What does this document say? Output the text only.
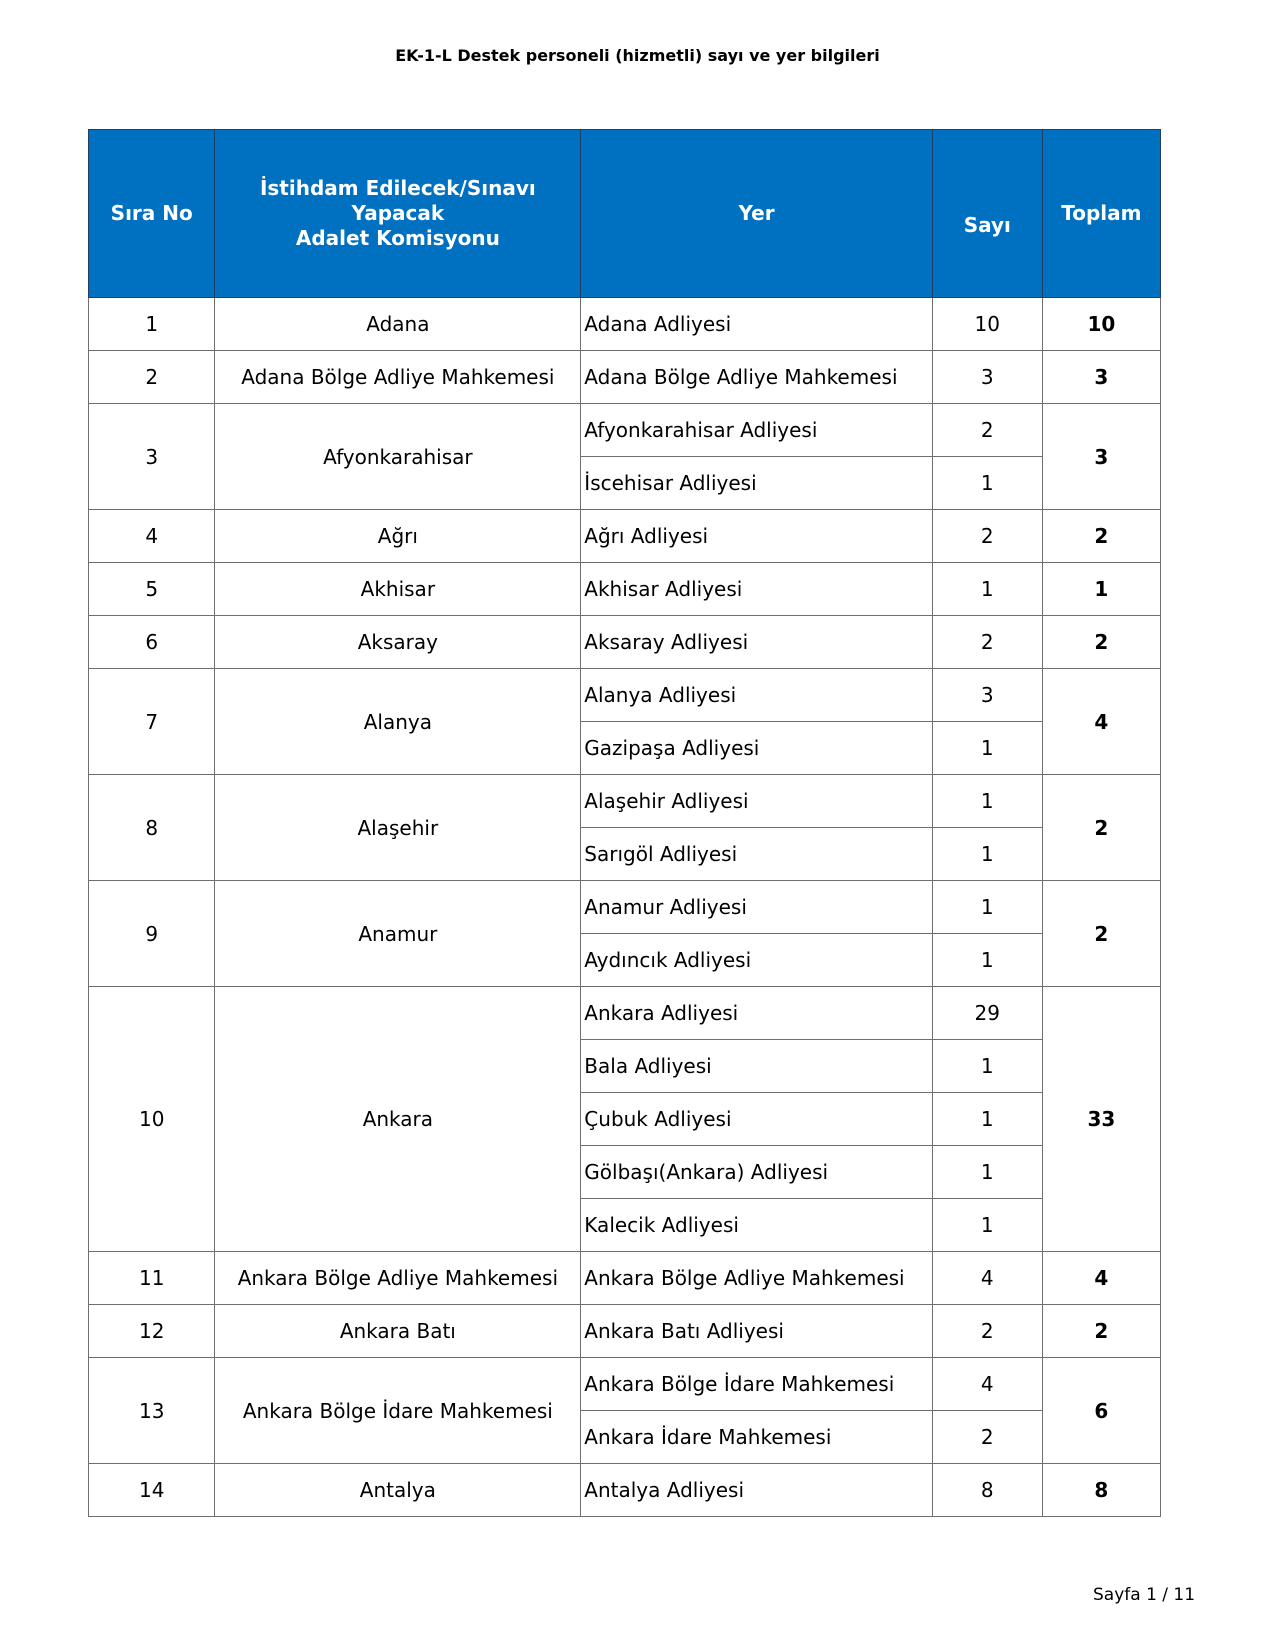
EK-1-L Destek personeli (hizmetli) sayı ve yer bilgileri
Sıra No	İstihdam Edilecek/Sınavı
Yapacak
Adalet Komisyonu	Yer	Sayı	Toplam
1	Adana	Adana Adliyesi	10	10
2	Adana Bölge Adliye Mahkemesi	Adana Bölge Adliye Mahkemesi	3	3
3	Afyonkarahisar	Afyonkarahisar Adliyesi	2	3
		İscehisar Adliyesi	1	
4	Ağrı	Ağrı Adliyesi	2	2
5	Akhisar	Akhisar Adliyesi	1	1
6	Aksaray	Aksaray Adliyesi	2	2
7	Alanya	Alanya Adliyesi	3	4
		Gazipaşa Adliyesi	1	
8	Alaşehir	Alaşehir Adliyesi	1	2
		Sarıgöl Adliyesi	1	
9	Anamur	Anamur Adliyesi	1	2
		Aydıncık Adliyesi	1	
10	Ankara	Ankara Adliyesi	29	33
		Bala Adliyesi	1	
		Çubuk Adliyesi	1	
		Gölbaşı(Ankara) Adliyesi	1	
		Kalecik Adliyesi	1	
11	Ankara Bölge Adliye Mahkemesi	Ankara Bölge Adliye Mahkemesi	4	4
12	Ankara Batı	Ankara Batı Adliyesi	2	2
13	Ankara Bölge İdare Mahkemesi	Ankara Bölge İdare Mahkemesi	4	6
		Ankara İdare Mahkemesi	2	
14	Antalya	Antalya Adliyesi	8	8
Sayfa 1 / 11
